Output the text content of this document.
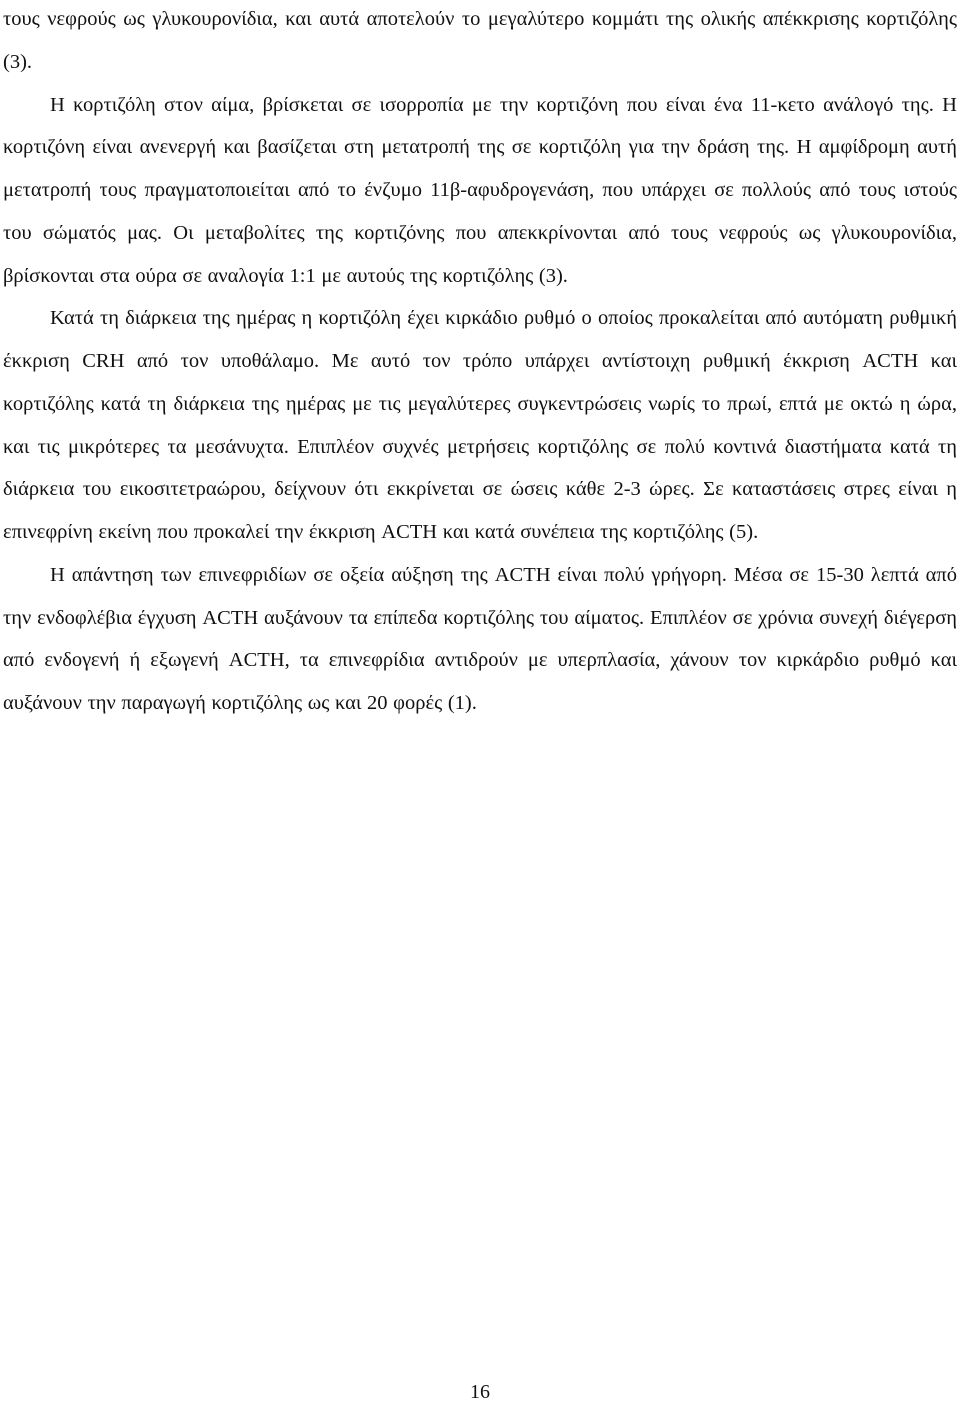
τους νεφρούς ως γλυκουρονίδια, και αυτά αποτελούν το μεγαλύτερο κομμάτι της ολικής απέκκρισης κορτιζόλης (3).

Η κορτιζόλη στον αίμα, βρίσκεται σε ισορροπία με την κορτιζόνη που είναι ένα 11-κετο ανάλογό της. Η κορτιζόνη είναι ανενεργή και βασίζεται στη μετατροπή της σε κορτιζόλη για την δράση της. Η αμφίδρομη αυτή μετατροπή τους πραγματοποιείται από το ένζυμο 11β-αφυδρογενάση, που υπάρχει σε πολλούς από τους ιστούς του σώματός μας. Οι μεταβολίτες της κορτιζόνης που απεκκρίνονται από τους νεφρούς ως γλυκουρονίδια, βρίσκονται στα ούρα σε αναλογία 1:1 με αυτούς της κορτιζόλης (3).

Κατά τη διάρκεια της ημέρας η κορτιζόλη έχει κιρκάδιο ρυθμό ο οποίος προκαλείται από αυτόματη ρυθμική έκκριση CRH από τον υποθάλαμο. Με αυτό τον τρόπο υπάρχει αντίστοιχη ρυθμική έκκριση ACTH και κορτιζόλης κατά τη διάρκεια της ημέρας με τις μεγαλύτερες συγκεντρώσεις νωρίς το πρωί, επτά με οκτώ η ώρα, και τις μικρότερες τα μεσάνυχτα. Επιπλέον συχνές μετρήσεις κορτιζόλης σε πολύ κοντινά διαστήματα κατά τη διάρκεια του εικοσιτετραώρου, δείχνουν ότι εκκρίνεται σε ώσεις κάθε 2-3 ώρες. Σε καταστάσεις στρες είναι η επινεφρίνη εκείνη που προκαλεί την έκκριση ACTH και κατά συνέπεια της κορτιζόλης (5).

Η απάντηση των επινεφριδίων σε οξεία αύξηση της ACTH είναι πολύ γρήγορη. Μέσα σε 15-30 λεπτά από την ενδοφλέβια έγχυση ACTH αυξάνουν τα επίπεδα κορτιζόλης του αίματος. Επιπλέον σε χρόνια συνεχή διέγερση από ενδογενή ή εξωγενή ACTH, τα επινεφρίδια αντιδρούν με υπερπλασία, χάνουν τον κιρκάρδιο ρυθμό και αυξάνουν την παραγωγή κορτιζόλης ως και 20 φορές (1).

16
